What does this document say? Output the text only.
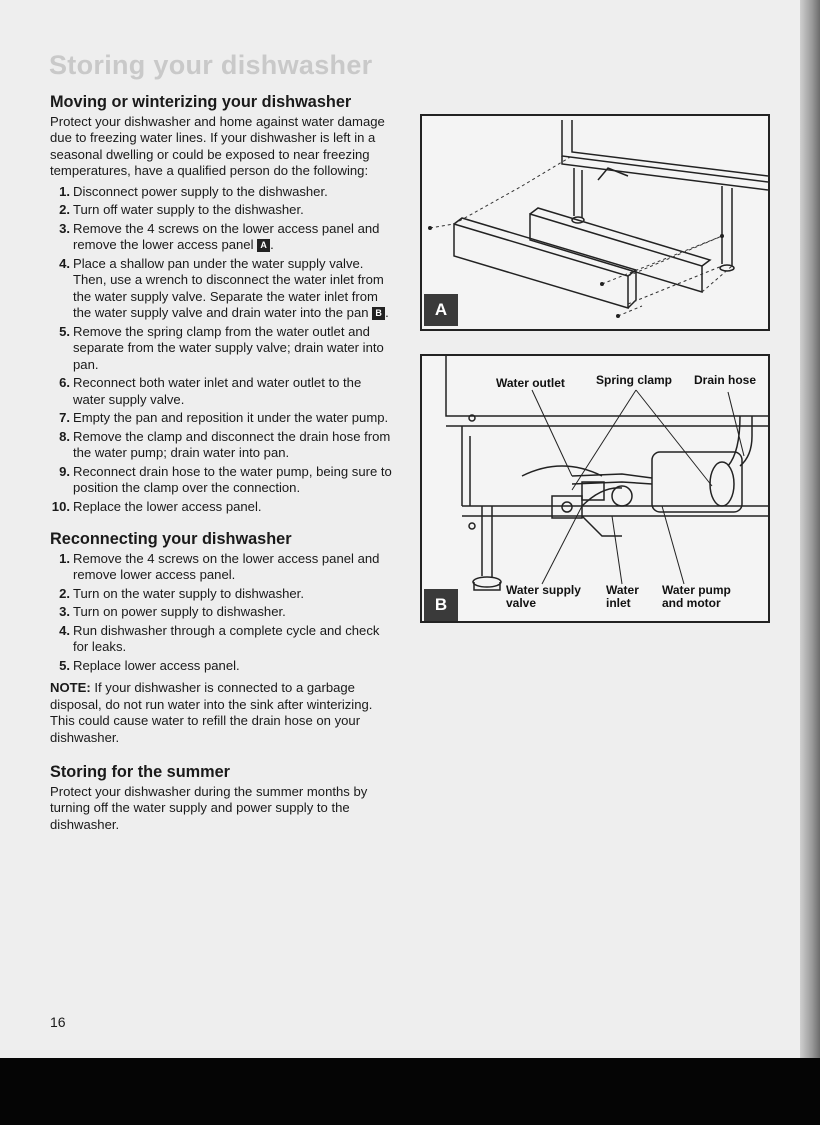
Storing your dishwasher
Moving or winterizing your dishwasher

Protect your dishwasher and home against water damage due to freezing water lines. If your dishwasher is left in a seasonal dwelling or could be exposed to near freezing temperatures, have a qualified person do the following:

1. Disconnect power supply to the dishwasher.
2. Turn off water supply to the dishwasher.
3. Remove the 4 screws on the lower access panel and remove the lower access panel A .
4. Place a shallow pan under the water supply valve. Then, use a wrench to disconnect the water inlet from the water supply valve. Separate the water inlet from the water supply valve and drain water into the pan B .
5. Remove the spring clamp from the water outlet and separate from the water supply valve; drain water into pan.
6. Reconnect both water inlet and water outlet to the water supply valve.
7. Empty the pan and reposition it under the water pump.
8. Remove the clamp and disconnect the drain hose from the water pump; drain water into pan.
9. Reconnect drain hose to the water pump, being sure to position the clamp over the connection.
10. Replace the lower access panel.
Reconnecting your dishwasher
1. Remove the 4 screws on the lower access panel and remove lower access panel.
2. Turn on the water supply to dishwasher.
3. Turn on power supply to dishwasher.
4. Run dishwasher through a complete cycle and check for leaks.
5. Replace lower access panel.

NOTE: If your dishwasher is connected to a garbage disposal, do not run water into the sink after winterizing. This could cause water to refill the drain hose on your dishwasher.

Storing for the summer

Protect your dishwasher during the summer months by turning off the water supply and power supply to the dishwasher.

A
Water outlet	Spring clamp Drain hose
Water supply
valve
Water
inlet
Water pump
and motor
B
16
